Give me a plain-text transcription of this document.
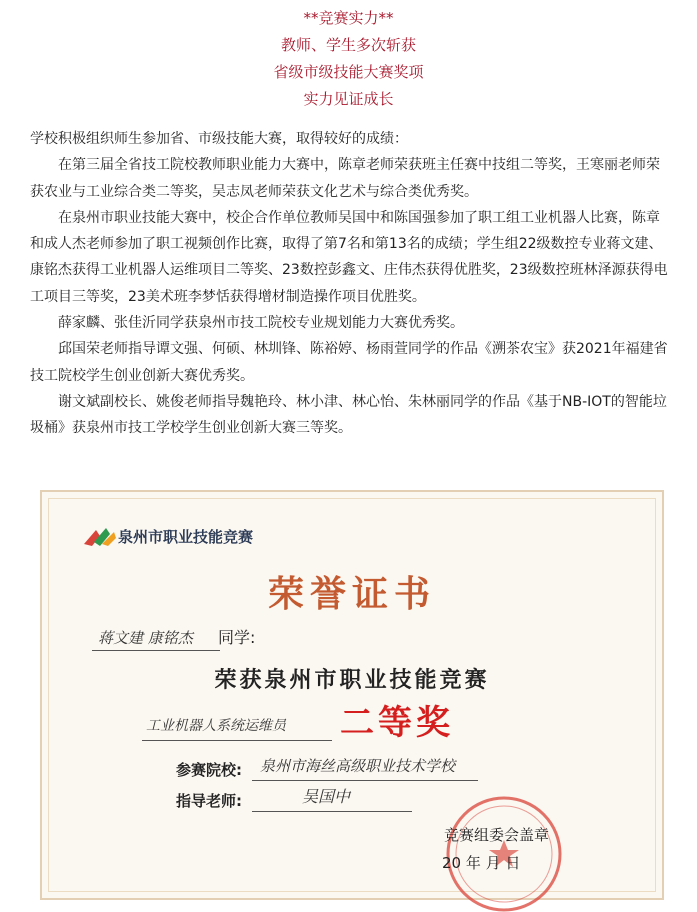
**竞赛实力**
教师、学生多次斩获
省级市级技能大赛奖项
实力见证成长

学校积极组织师生参加省、市级技能大赛，取得较好的成绩：

在第三届全省技工院校教师职业能力大赛中，陈章老师荣获班主任赛中技组二等奖，王寒丽老师荣获农业与工业综合类二等奖，吴志凤老师荣获文化艺术与综合类优秀奖。

在泉州市职业技能大赛中，校企合作单位教师吴国中和陈国强参加了职工组工业机器人比赛，陈章和成人杰老师参加了职工视频创作比赛，取得了第7名和第13名的成绩；学生组22级数控专业蒋文建、康铭杰获得工业机器人运维项目二等奖、23数控彭鑫文、庄伟杰获得优胜奖，23级数控班林泽源获得电工项目三等奖，23美术班李梦恬获得增材制造操作项目优胜奖。

薛家麟、张佳沂同学获泉州市技工院校专业规划能力大赛优秀奖。

邱国荣老师指导谭文强、何硕、林圳锋、陈裕婷、杨雨萱同学的作品《溯茶农宝》获2021年福建省技工院校学生创业创新大赛优秀奖。

谢文斌副校长、姚俊老师指导魏艳玲、林小津、林心怡、朱林丽同学的作品《基于NB-IOT的智能垃圾桶》获泉州市技工学校学生创业创新大赛三等奖。

泉州市职业技能竞赛
荣誉证书
蒋文建 康铭杰 同学:
荣获泉州市职业技能竞赛
工业机器人系统运维员 二等奖
参赛院校: 泉州市海丝高级职业技术学校
指导老师:	吴国中
竞赛组委会盖章
20 年 月 日
